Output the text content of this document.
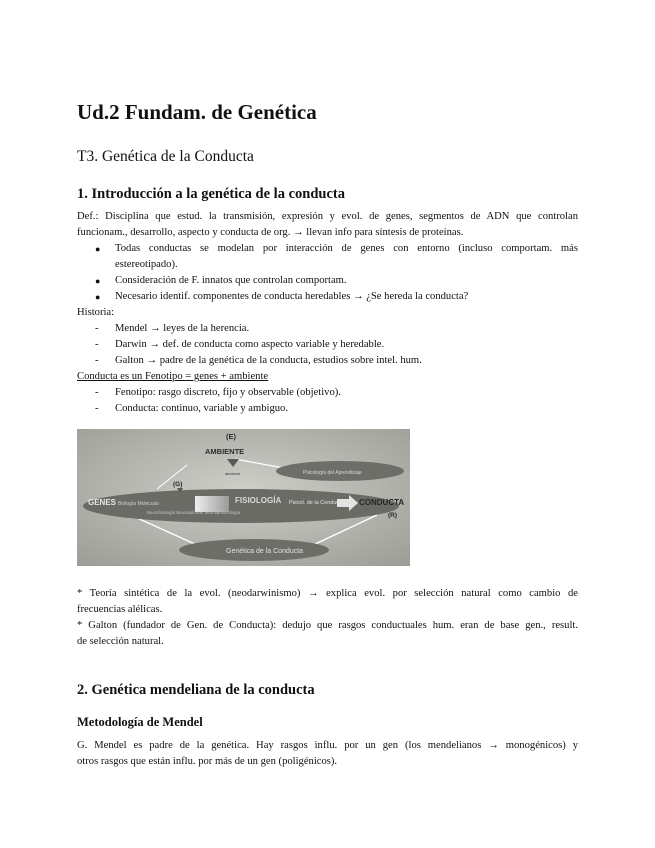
Ud.2 Fundam. de Genética
T3. Genética de la Conducta
1. Introducción a la genética de la conducta
Def.: Disciplina que estud. la transmisión, expresión y evol. de genes, segmentos de ADN que controlan
funcionam., desarrollo, aspecto y conducta de org. → llevan info para síntesis de proteínas.
●	Todas conductas se modelan por interacción de genes con entorno (incluso comportam. más
estereotipado).
●	Consideración de F. innatos que controlan comportam.
●	Necesario identif. componentes de conducta heredables → ¿Se hereda la conducta?
Historia:
- Mendel → leyes de la herencia.
- Darwin → def. de conducta como aspecto variable y heredable.
- Galton → padre de la genética de la conducta, estudios sobre intel. hum.
Conducta es un Fenotipo = genes + ambiente
- Fenotipo: rasgo discreto, fijo y observable (objetivo).
- Conducta: continuo, variable y ambiguo.
* Teoría sintética de la evol. (neodarwinismo) → explica evol. por selección natural como cambio de
frecuencias alélicas.
* Galton (fundador de Gen. de Conducta): dedujo que rasgos conductuales hum. eran de base gen., result.
de selección natural.
2. Genética mendeliana de la conducta
Metodología de Mendel
G. Mendel es padre de la genética. Hay rasgos influ. por un gen (los mendelianos → monogénicos) y
otros rasgos que están influ. por más de un gen (poligénicos).
(E)
AMBIENTE
aleatoria	Psicología del Aprendizaje
(G)
GENES Biología Molecular	FISIOLOGÍA
Neurofisiología Neuroquímica, Neurofarmacología
Psicol. de la Conducta CONDUCTA
(R)
Genética de la Conducta
